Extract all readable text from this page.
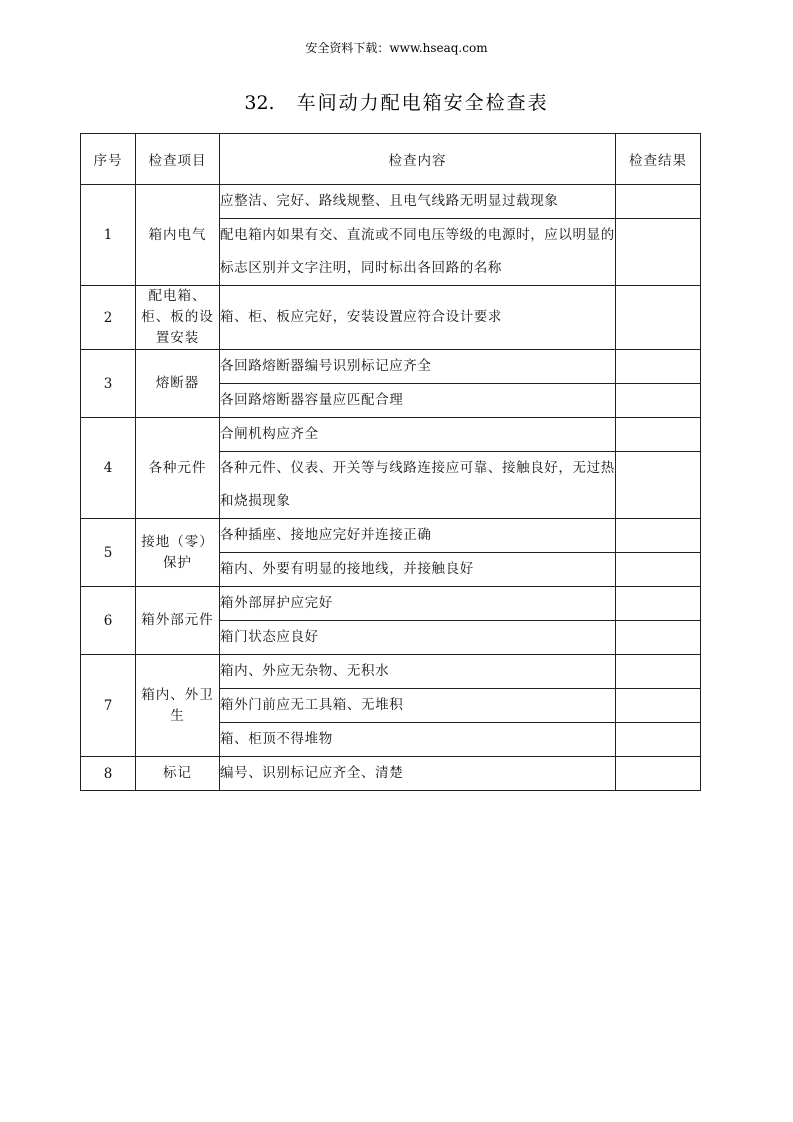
安全资料下载：www.hseaq.com
32. 车间动力配电箱安全检查表
序号	检查项目	检查内容	检查结果
1	箱内电气	应整洁、完好、路线规整、且电气线路无明显过载现象	
		配电箱内如果有交、直流或不同电压等级的电源时，应以明显的标志区别并文字注明，同时标出各回路的名称	
2	配电箱、柜、板的设置安装	箱、柜、板应完好，安装设置应符合设计要求	
3	熔断器	各回路熔断器编号识别标记应齐全	
		各回路熔断器容量应匹配合理	
4	各种元件	合闸机构应齐全	
		各种元件、仪表、开关等与线路连接应可靠、接触良好，无过热和烧损现象	
5	接地（零）保护	各种插座、接地应完好并连接正确	
		箱内、外要有明显的接地线，并接触良好	
6	箱外部元件	箱外部屏护应完好	
		箱门状态应良好	
7	箱内、外卫生	箱内、外应无杂物、无积水	
		箱外门前应无工具箱、无堆积	
		箱、柜顶不得堆物	
8	标记	编号、识别标记应齐全、清楚	
